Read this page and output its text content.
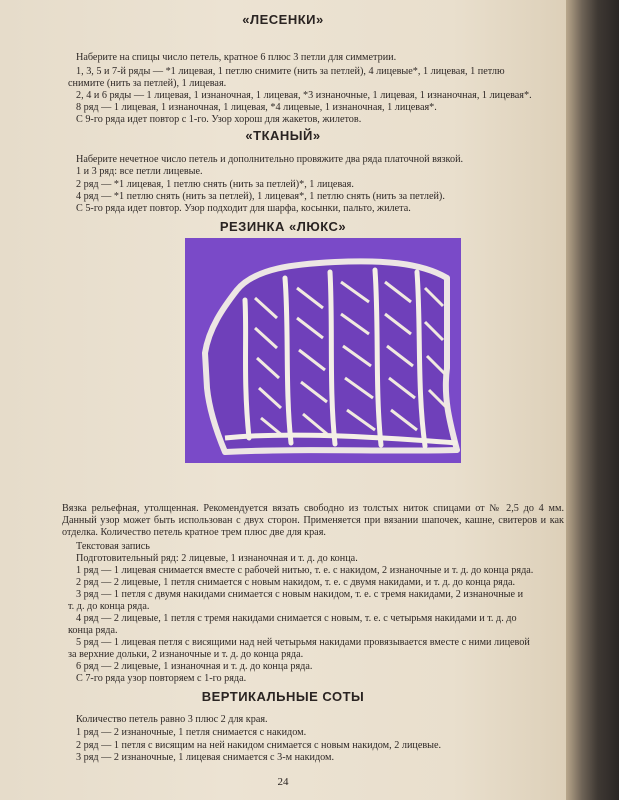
«ЛЕСЕНКИ»
Наберите на спицы число петель, кратное 6 плюс 3 петли для симметрии.
1, 3, 5 и 7-й ряды — *1 лицевая, 1 петлю снимите (нить за петлей), 4 лицевые*, 1 лицевая, 1 петлю
снимите (нить за петлей), 1 лицевая.
2, 4 и 6 ряды — 1 лицевая, 1 изнаночная, 1 лицевая, *3 изнаночные, 1 лицевая, 1 изнаночная, 1 лицевая*.
8 ряд — 1 лицевая, 1 изнаночная, 1 лицевая, *4 лицевые, 1 изнаночная, 1 лицевая*.
С 9-го ряда идет повтор с 1-го. Узор хорош для жакетов, жилетов.
«ТКАНЫЙ»
Наберите нечетное число петель и дополнительно провяжите два ряда платочной вязкой.
1 и 3 ряд: все петли лицевые.
2 ряд — *1 лицевая, 1 петлю снять (нить за петлей)*, 1 лицевая.
4 ряд — *1 петлю снять (нить за петлей), 1 лицевая*, 1 петлю снять (нить за петлей).
С 5-го ряда идет повтор. Узор подходит для шарфа, косынки, пальто, жилета.
РЕЗИНКА «ЛЮКС»
Вязка рельефная, утолщенная. Рекомендуется вязать свободно из толстых ниток спицами от № 2,5 до 4 мм. Данный узор может быть использован с двух сторон. Применяется при вязании шапочек, кашне, свитеров и как отделка. Количество петель кратное трем плюс две для края.
Текстовая запись
Подготовительный ряд: 2 лицевые, 1 изнаночная и т. д. до конца.
1 ряд — 1 лицевая снимается вместе с рабочей нитью, т. е. с накидом, 2 изнаночные и т. д. до конца ряда.
2 ряд — 2 лицевые, 1 петля снимается с новым накидом, т. е. с двумя накидами, и т. д. до конца ряда.
3 ряд — 1 петля с двумя накидами снимается с новым накидом, т. е. с тремя накидами, 2 изнаночные и
т. д. до конца ряда.
4 ряд — 2 лицевые, 1 петля с тремя накидами снимается с новым, т. е. с четырьмя накидами и т. д. до
конца ряда.
5 ряд — 1 лицевая петля с висящими над ней четырьмя накидами провязывается вместе с ними лицевой
за верхние дольки, 2 изнаночные и т. д. до конца ряда.
6 ряд — 2 лицевые, 1 изнаночная и т. д. до конца ряда.
С 7-го ряда узор повторяем с 1-го ряда.
ВЕРТИКАЛЬНЫЕ СОТЫ
Количество петель равно 3 плюс 2 для края.
1 ряд — 2 изнаночные, 1 петля снимается с накидом.
2 ряд — 1 петля с висящим на ней накидом снимается с новым накидом, 2 лицевые.
3 ряд — 2 изнаночные, 1 лицевая снимается с 3-м накидом.
24
